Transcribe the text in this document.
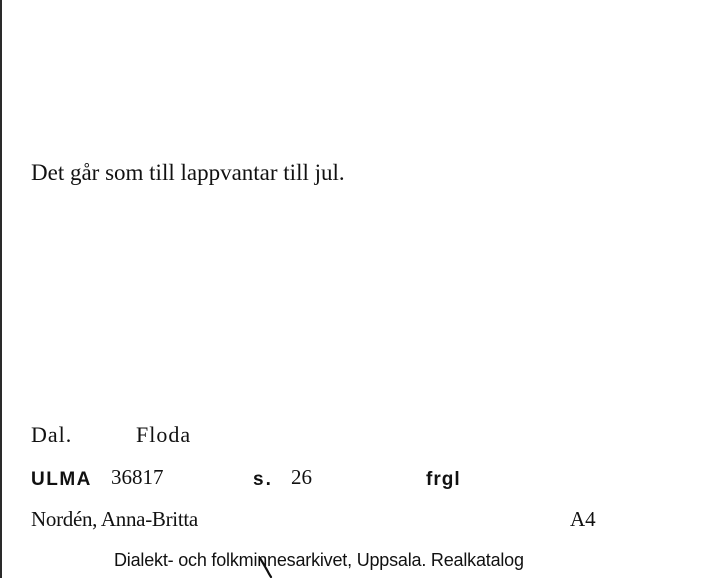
Det går som till lappvantar till jul.
Dal.	Floda
ULMA 36817	s. 26	frgl
Nordén, Anna-Britta	A4
Dialekt- och folkminnesarkivet, Uppsala. Realkatalog
